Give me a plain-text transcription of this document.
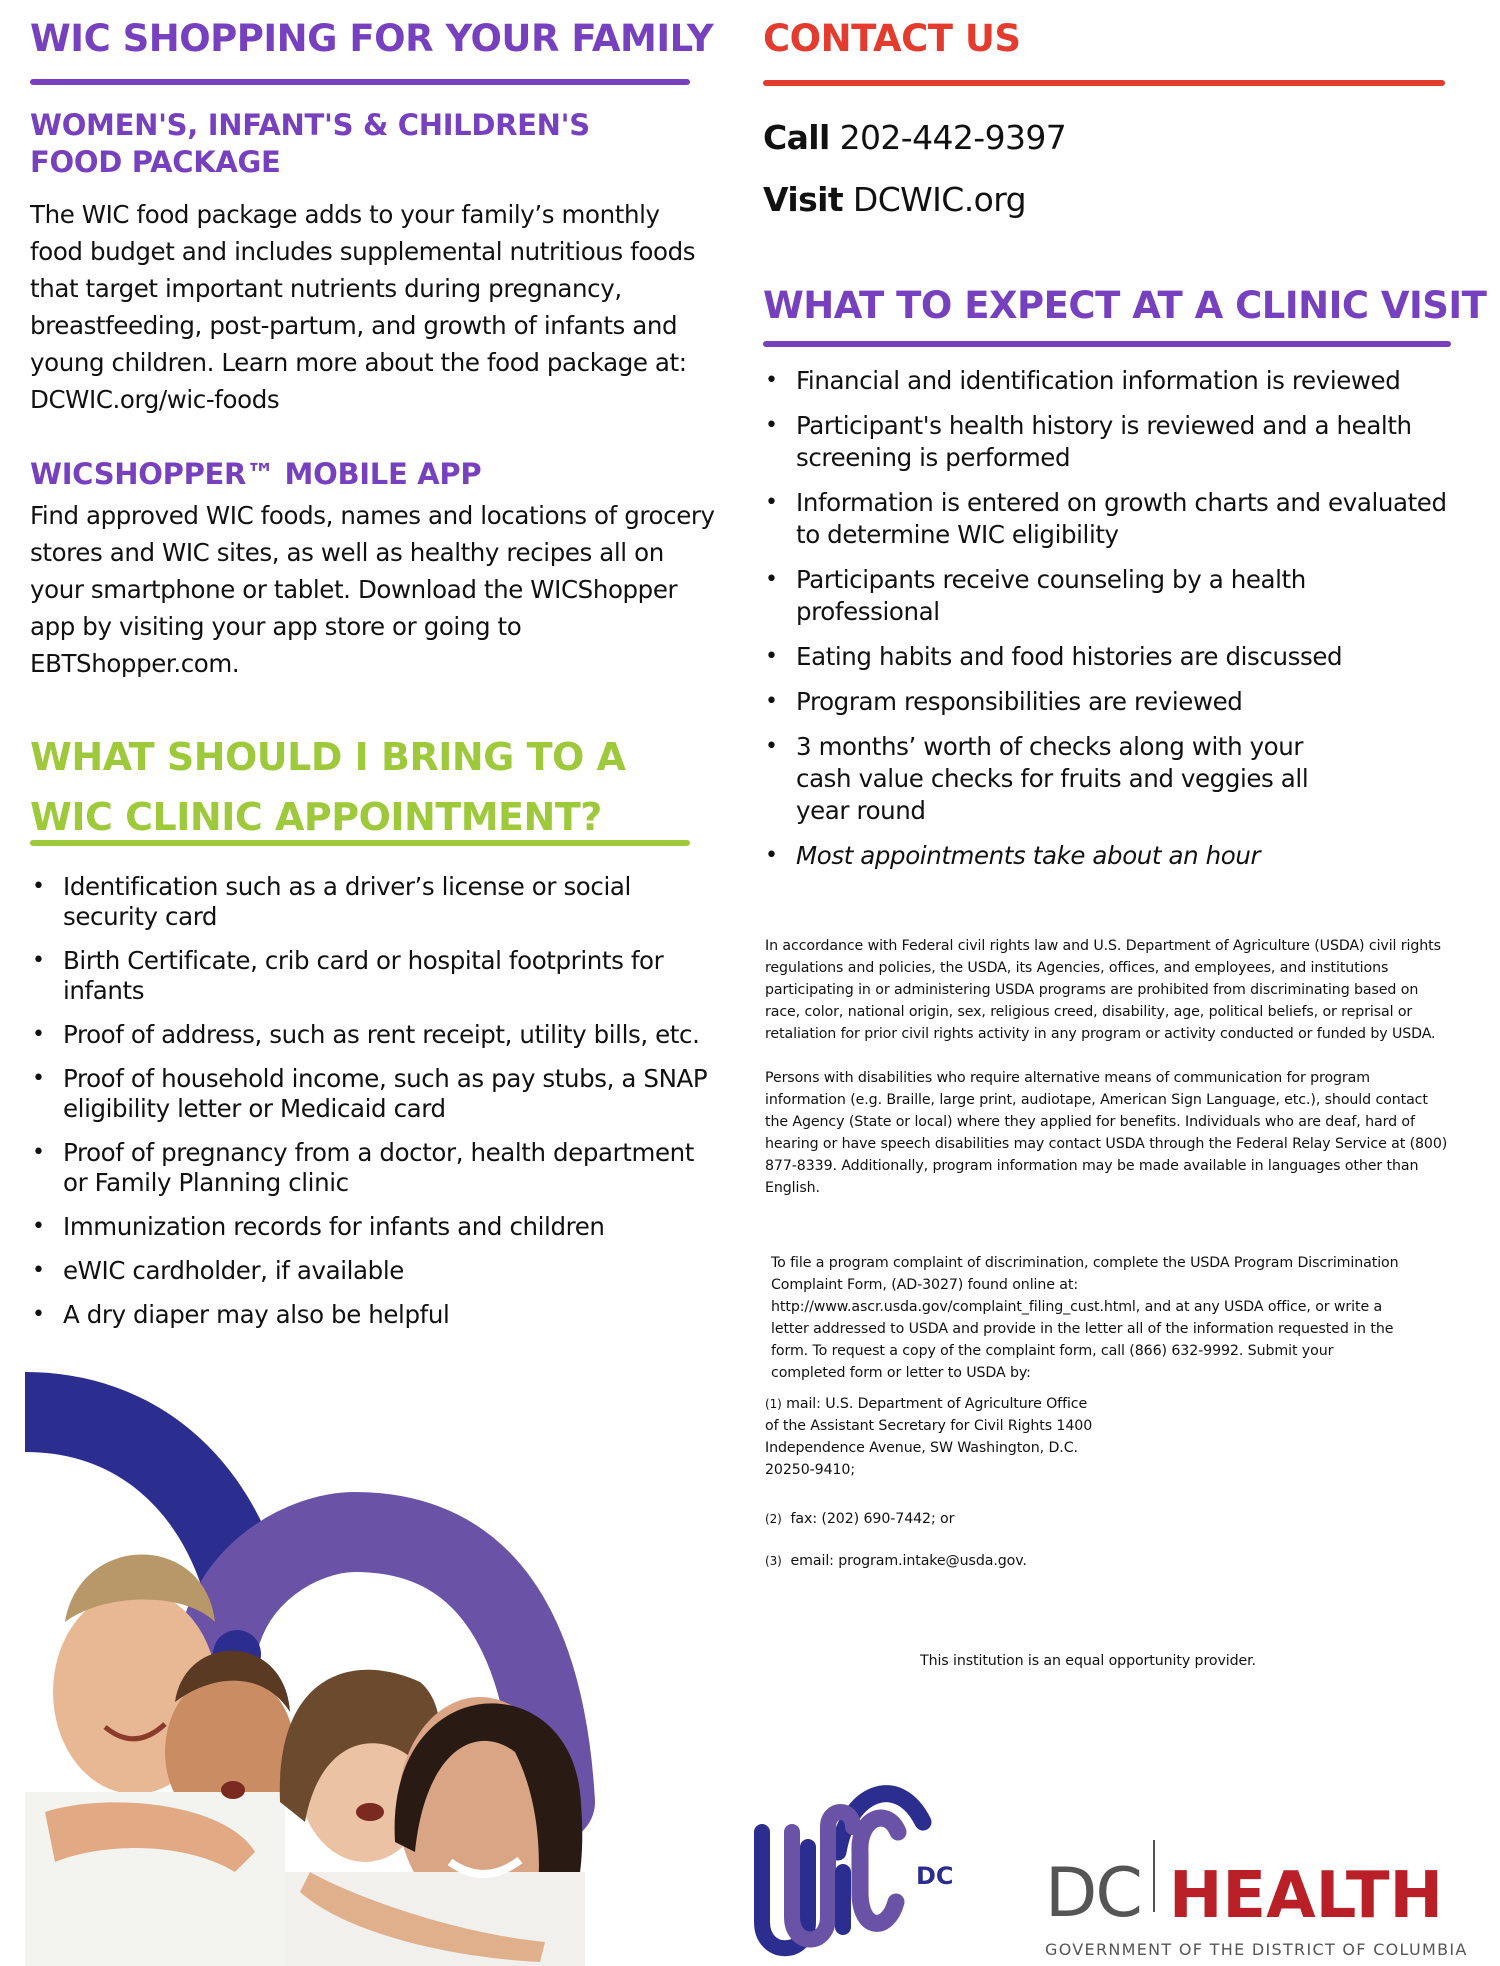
WIC SHOPPING FOR YOUR FAMILY
WOMEN'S, INFANT'S & CHILDREN'S
FOOD PACKAGE
The WIC food package adds to your family’s monthly
food budget and includes supplemental nutritious foods
that target important nutrients during pregnancy,
breastfeeding, post-partum, and growth of infants and
young children. Learn more about the food package at:
DCWIC.org/wic-foods
WICSHOPPER™ MOBILE APP
Find approved WIC foods, names and locations of grocery
stores and WIC sites, as well as healthy recipes all on
your smartphone or tablet. Download the WICShopper
app by visiting your app store or going to
EBTShopper.com.
WHAT SHOULD I BRING TO A
WIC CLINIC APPOINTMENT?
• Identification such as a driver’s license or social security card
• Birth Certificate, crib card or hospital footprints for infants
• Proof of address, such as rent receipt, utility bills, etc.
• Proof of household income, such as pay stubs, a SNAP eligibility letter or Medicaid card
• Proof of pregnancy from a doctor, health department or Family Planning clinic
• Immunization records for infants and children
• eWIC cardholder, if available
• A dry diaper may also be helpful
CONTACT US
Call 202-442-9397
Visit DCWIC.org
WHAT TO EXPECT AT A CLINIC VISIT
• Financial and identification information is reviewed
• Participant's health history is reviewed and a health screening is performed
• Information is entered on growth charts and evaluated to determine WIC eligibility
• Participants receive counseling by a health professional
• Eating habits and food histories are discussed
• Program responsibilities are reviewed
• 3 months’ worth of checks along with your cash value checks for fruits and veggies all year round
• Most appointments take about an hour

In accordance with Federal civil rights law and U.S. Department of Agriculture (USDA) civil rights regulations and policies, the USDA, its Agencies, offices, and employees, and institutions participating in or administering USDA programs are prohibited from discriminating based on race, color, national origin, sex, religious creed, disability, age, political beliefs, or reprisal or retaliation for prior civil rights activity in any program or activity conducted or funded by USDA.

Persons with disabilities who require alternative means of communication for program information (e.g. Braille, large print, audiotape, American Sign Language, etc.), should contact the Agency (State or local) where they applied for benefits. Individuals who are deaf, hard of hearing or have speech disabilities may contact USDA through the Federal Relay Service at (800) 877-8339. Additionally, program information may be made available in languages other than English.

To file a program complaint of discrimination, complete the USDA Program Discrimination Complaint Form, (AD-3027) found online at: http://www.ascr.usda.gov/complaint_filing_cust.html, and at any USDA office, or write a letter addressed to USDA and provide in the letter all of the information requested in the form. To request a copy of the complaint form, call (866) 632-9992. Submit your completed form or letter to USDA by:

(1) mail: U.S. Department of Agriculture Office of the Assistant Secretary for Civil Rights 1400 Independence Avenue, SW Washington, D.C. 20250-9410;
(2) fax: (202) 690-7442; or
(3) email: program.intake@usda.gov.
This institution is an equal opportunity provider.
DC DC HEALTH
GOVERNMENT OF THE DISTRICT OF COLUMBIA
